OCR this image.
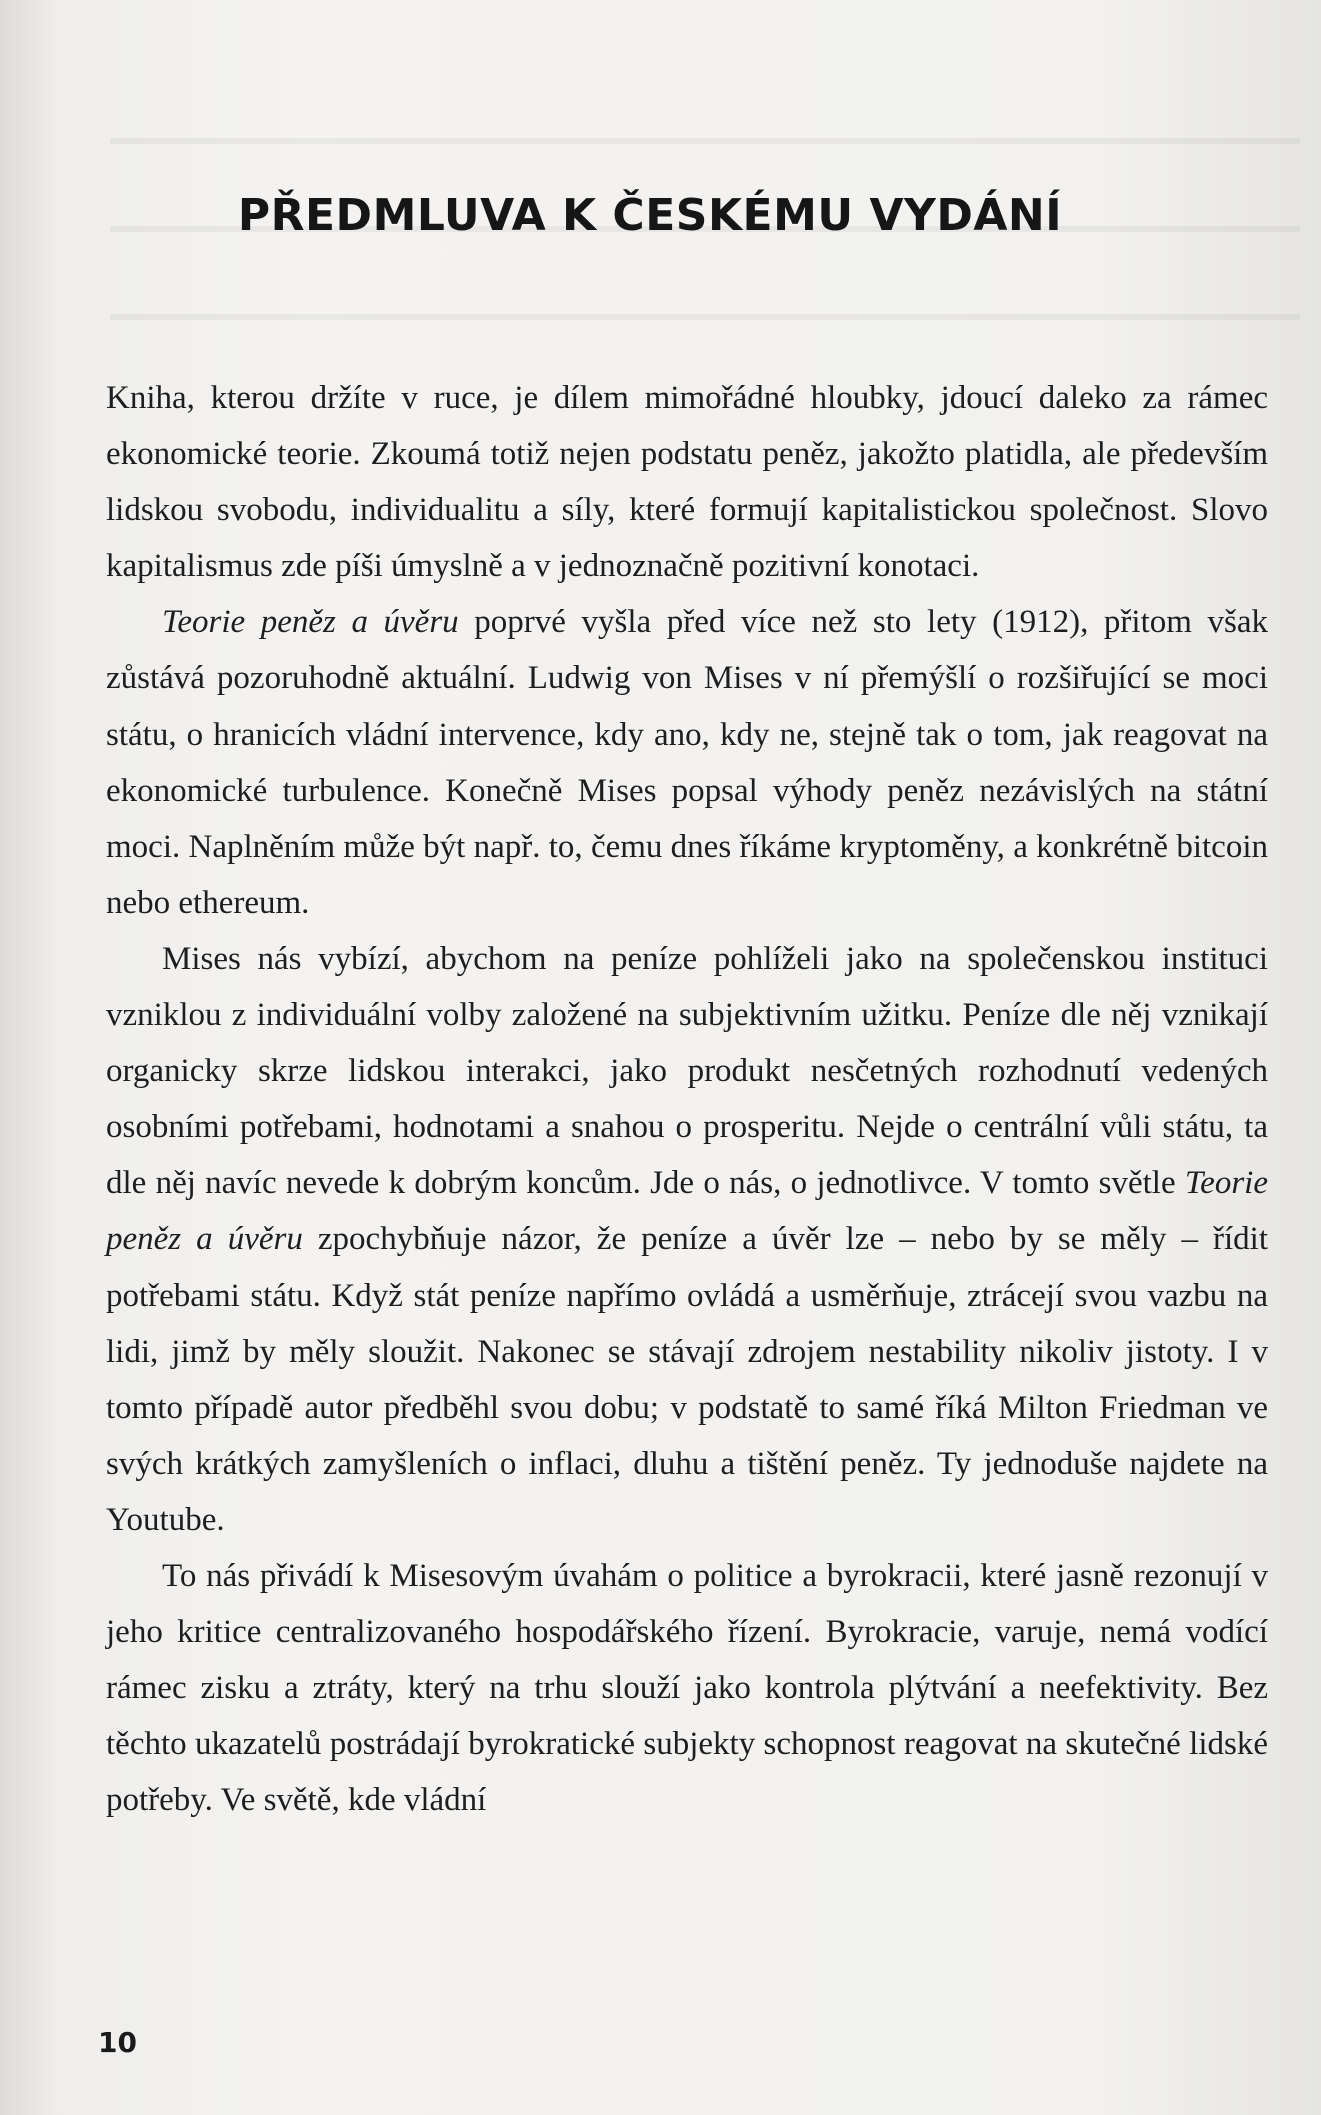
PŘEDMLUVA K ČESKÉMU VYDÁNÍ

Kniha, kterou držíte v ruce, je dílem mimořádné hloubky, jdoucí daleko za rámec ekonomické teorie. Zkoumá totiž nejen podstatu peněz, jakožto platidla, ale především lidskou svobodu, individualitu a síly, které formují kapitalistickou společnost. Slovo kapitalismus zde píši úmyslně a v jednoznačně pozitivní konotaci.

Teorie peněz a úvěru poprvé vyšla před více než sto lety (1912), přitom však zůstává pozoruhodně aktuální. Ludwig von Mises v ní přemýšlí o rozšiřující se moci státu, o hranicích vládní intervence, kdy ano, kdy ne, stejně tak o tom, jak reagovat na ekonomické turbulence. Konečně Mises popsal výhody peněz nezávislých na státní moci. Naplněním může být např. to, čemu dnes říkáme kryptoměny, a konkrétně bitcoin nebo ethereum.

Mises nás vybízí, abychom na peníze pohlíželi jako na společenskou instituci vzniklou z individuální volby založené na subjektivním užitku. Peníze dle něj vznikají organicky skrze lidskou interakci, jako produkt nesčetných rozhodnutí vedených osobními potřebami, hodnotami a snahou o prosperitu. Nejde o centrální vůli státu, ta dle něj navíc nevede k dobrým koncům. Jde o nás, o jednotlivce. V tomto světle Teorie peněz a úvěru zpochybňuje názor, že peníze a úvěr lze – nebo by se měly – řídit potřebami státu. Když stát peníze napřímo ovládá a usměrňuje, ztrácejí svou vazbu na lidi, jimž by měly sloužit. Nakonec se stávají zdrojem nestability nikoliv jistoty. I v tomto případě autor předběhl svou dobu; v podstatě to samé říká Milton Friedman ve svých krátkých zamyšleních o inflaci, dluhu a tištění peněz. Ty jednoduše najdete na Youtube.

To nás přivádí k Misesovým úvahám o politice a byrokracii, které jasně rezonují v jeho kritice centralizovaného hospodářského řízení. Byrokracie, varuje, nemá vodící rámec zisku a ztráty, který na trhu slouží jako kontrola plýtvání a neefektivity. Bez těchto ukazatelů postrádají byrokratické subjekty schopnost reagovat na skutečné lidské potřeby. Ve světě, kde vládní

10
